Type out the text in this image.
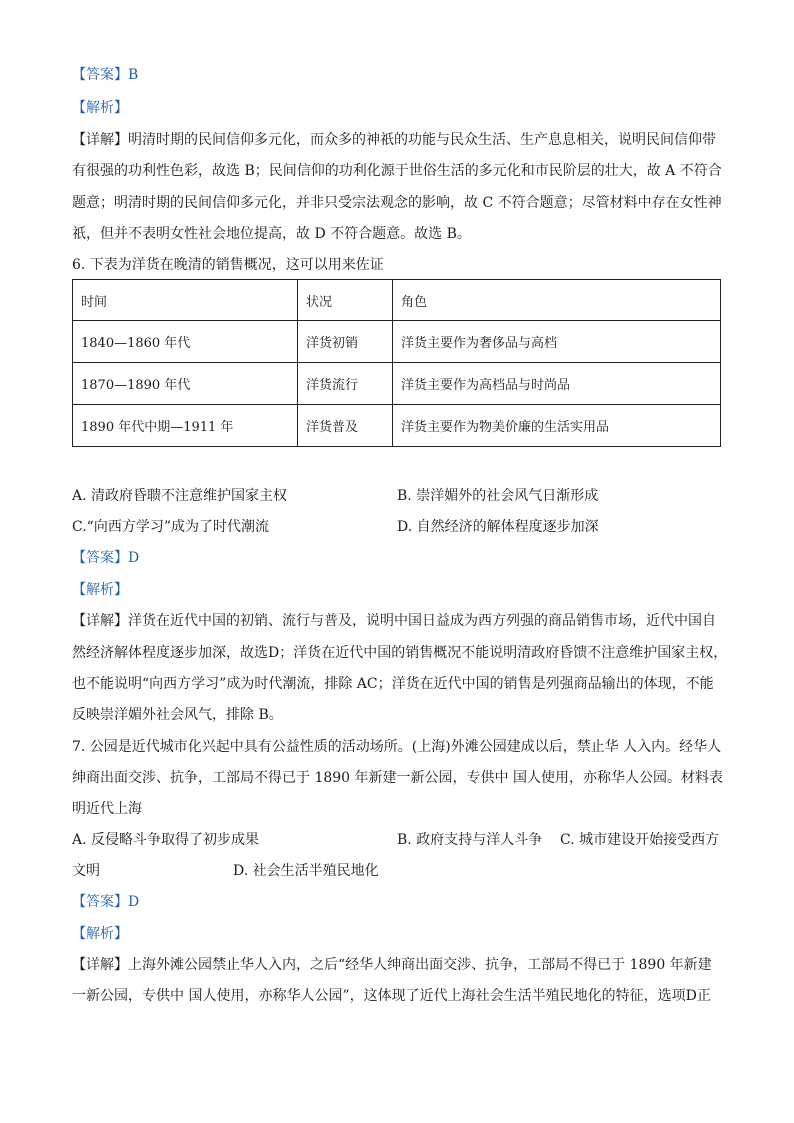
【答案】B
【解析】
【详解】明清时期的民间信仰多元化，而众多的神祇的功能与民众生活、生产息息相关，说明民间信仰带
有很强的功利性色彩，故选 B；民间信仰的功利化源于世俗生活的多元化和市民阶层的壮大，故 A 不符合
题意；明清时期的民间信仰多元化，并非只受宗法观念的影响，故 C 不符合题意；尽管材料中存在女性神
祇，但并不表明女性社会地位提高，故 D 不符合题意。故选 B。
6. 下表为洋货在晚清的销售概况，这可以用来佐证
时间	状况	角色
1840—1860 年代	洋货初销	洋货主要作为奢侈品与高档
1870—1890 年代	洋货流行	洋货主要作为高档品与时尚品
1890 年代中期—1911 年	洋货普及	洋货主要作为物美价廉的生活实用品
A. 清政府昏聩不注意维护国家主权	B. 崇洋媚外的社会风气日渐形成
C.“向西方学习”成为了时代潮流	D. 自然经济的解体程度逐步加深
【答案】D
【解析】
【详解】洋货在近代中国的初销、流行与普及，说明中国日益成为西方列强的商品销售市场，近代中国自
然经济解体程度逐步加深，故选D；洋货在近代中国的销售概况不能说明清政府昏馈不注意维护国家主权，
也不能说明“向西方学习”成为时代潮流，排除 AC；洋货在近代中国的销售是列强商品输出的体现，不能
反映崇洋媚外社会风气，排除 B。
7. 公园是近代城市化兴起中具有公益性质的活动场所。(上海)外滩公园建成以后，禁止华 人入内。经华人
绅商出面交涉、抗争，工部局不得已于 1890 年新建一新公园，专供中 国人使用，亦称华人公园。材料表
明近代上海
A. 反侵略斗争取得了初步成果	B. 政府支持与洋人斗争 C. 城市建设开始接受西方
文明	D. 社会生活半殖民地化
【答案】D
【解析】
【详解】上海外滩公园禁止华人入内，之后“经华人绅商出面交涉、抗争，工部局不得已于 1890 年新建
一新公园，专供中 国人使用，亦称华人公园”，这体现了近代上海社会生活半殖民地化的特征，选项D正
